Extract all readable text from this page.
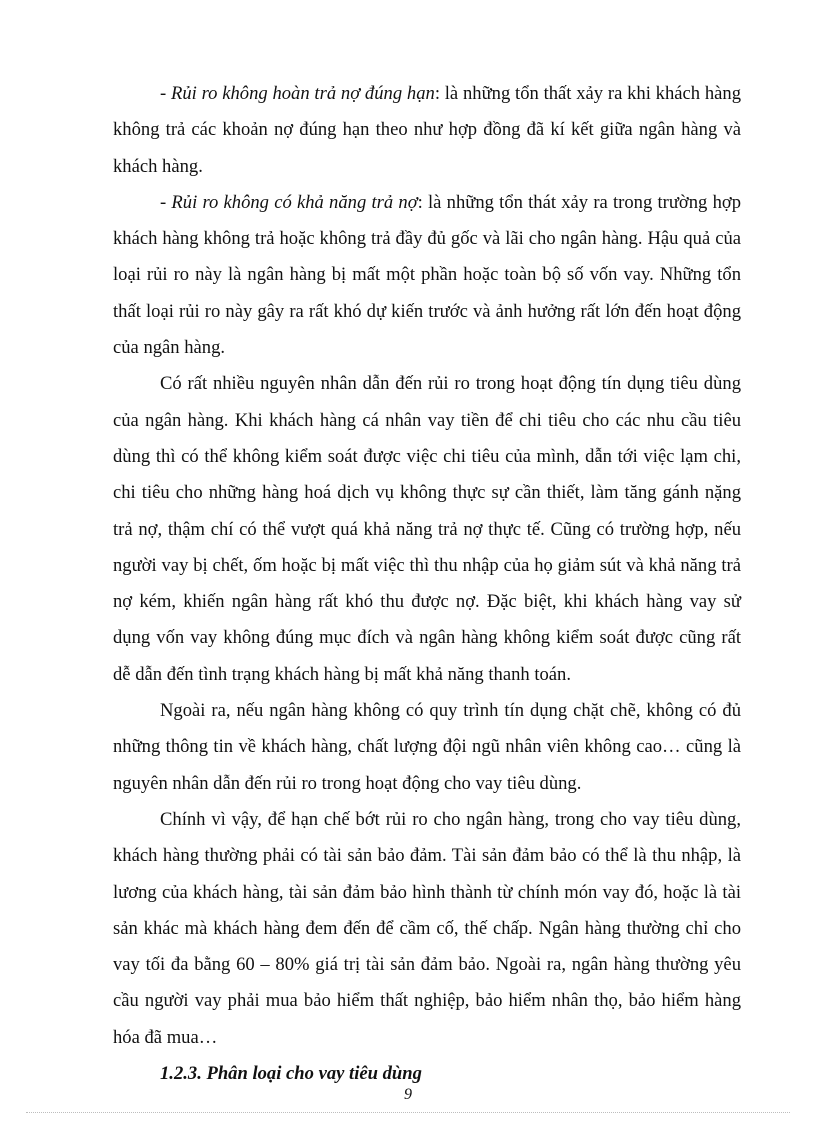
- Rủi ro không hoàn trả nợ đúng hạn: là những tổn thất xảy ra khi khách hàng không trả các khoản nợ đúng hạn theo như hợp đồng đã kí kết giữa ngân hàng và khách hàng.

- Rủi ro không có khả năng trả nợ: là những tổn thát xảy ra trong trường hợp khách hàng không trả hoặc không trả đầy đủ gốc và lãi cho ngân hàng. Hậu quả của loại rủi ro này là ngân hàng bị mất một phần hoặc toàn bộ số vốn vay. Những tổn thất loại rủi ro này gây ra rất khó dự kiến trước và ảnh hưởng rất lớn đến hoạt động của ngân hàng.

Có rất nhiều nguyên nhân dẫn đến rủi ro trong hoạt động tín dụng tiêu dùng của ngân hàng. Khi khách hàng cá nhân vay tiền để chi tiêu cho các nhu cầu tiêu dùng thì có thể không kiểm soát được việc chi tiêu của mình, dẫn tới việc lạm chi, chi tiêu cho những hàng hoá dịch vụ không thực sự cần thiết, làm tăng gánh nặng trả nợ, thậm chí có thể vượt quá khả năng trả nợ thực tế. Cũng có trường hợp, nếu người vay bị chết, ốm hoặc bị mất việc thì thu nhập của họ giảm sút và khả năng trả nợ kém, khiến ngân hàng rất khó thu được nợ. Đặc biệt, khi khách hàng vay sử dụng vốn vay không đúng mục đích và ngân hàng không kiểm soát được cũng rất dễ dẫn đến tình trạng khách hàng bị mất khả năng thanh toán.

Ngoài ra, nếu ngân hàng không có quy trình tín dụng chặt chẽ, không có đủ những thông tin về khách hàng, chất lượng đội ngũ nhân viên không cao… cũng là nguyên nhân dẫn đến rủi ro trong hoạt động cho vay tiêu dùng.

Chính vì vậy, để hạn chế bớt rủi ro cho ngân hàng, trong cho vay tiêu dùng, khách hàng thường phải có tài sản bảo đảm. Tài sản đảm bảo có thể là thu nhập, là lương của khách hàng, tài sản đảm bảo hình thành từ chính món vay đó, hoặc là tài sản khác mà khách hàng đem đến để cầm cố, thế chấp. Ngân hàng thường chỉ cho vay tối đa bằng 60 – 80% giá trị tài sản đảm bảo. Ngoài ra, ngân hàng thường yêu cầu người vay phải mua bảo hiểm thất nghiệp, bảo hiểm nhân thọ, bảo hiểm hàng hóa đã mua…

1.2.3. Phân loại cho vay tiêu dùng

9
